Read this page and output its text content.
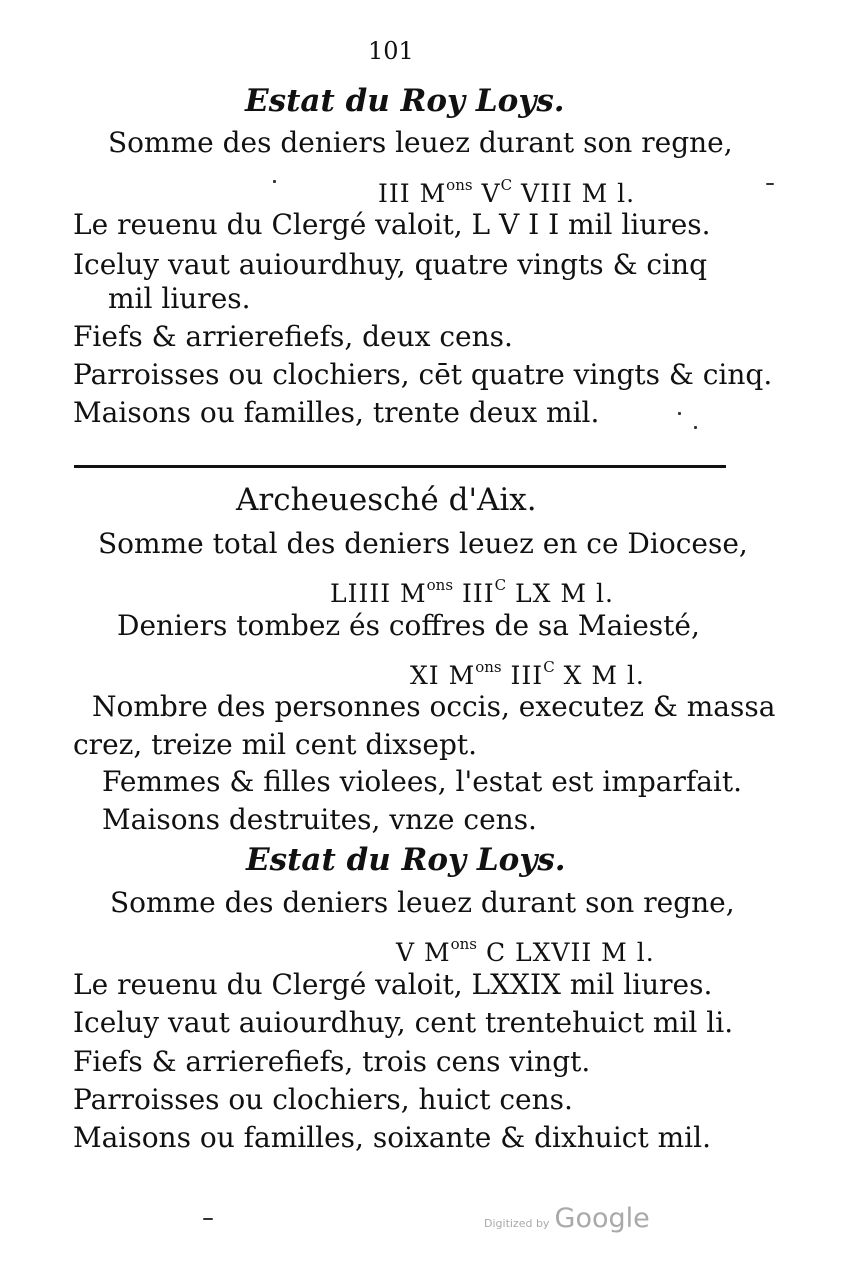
101
Estat du Roy Loys.
Somme des deniers leuez durant son regne,
III $M^{ons}$ $V^C$ VIII M l.
Le reuenu du Clergé valoit, L V I I mil liures.
Iceluy vaut auiourdhuy, quatre vingts & cinq
mil liures.
Fiefs & arrierefiefs, deux cens.
Parroisses ou clochiers, cēt quatre vingts & cinq.
Maisons ou familles, trente deux mil.
Archeuesché d'Aix.
Somme total des deniers leuez en ce Diocese,
LIIII $M^{ons}$ $III^C$ LX M l.
Deniers tombez és coffres de sa Maiesté,
XI $M^{ons}$ $III^C$ X M l.
Nombre des personnes occis, executez & massa
crez, treize mil cent dixsept.
Femmes & filles violees, l'estat est imparfait.
Maisons destruites, vnze cens.
Estat du Roy Loys.
Somme des deniers leuez durant son regne,
V $M^{ons}$ C LXVII M l.
Le reuenu du Clergé valoit, LXXIX mil liures.
Iceluy vaut auiourdhuy, cent trentehuict mil li.
Fiefs & arrierefiefs, trois cens vingt.
Parroisses ou clochiers, huict cens.
Maisons ou familles, soixante & dixhuict mil.
Digitized by Google
